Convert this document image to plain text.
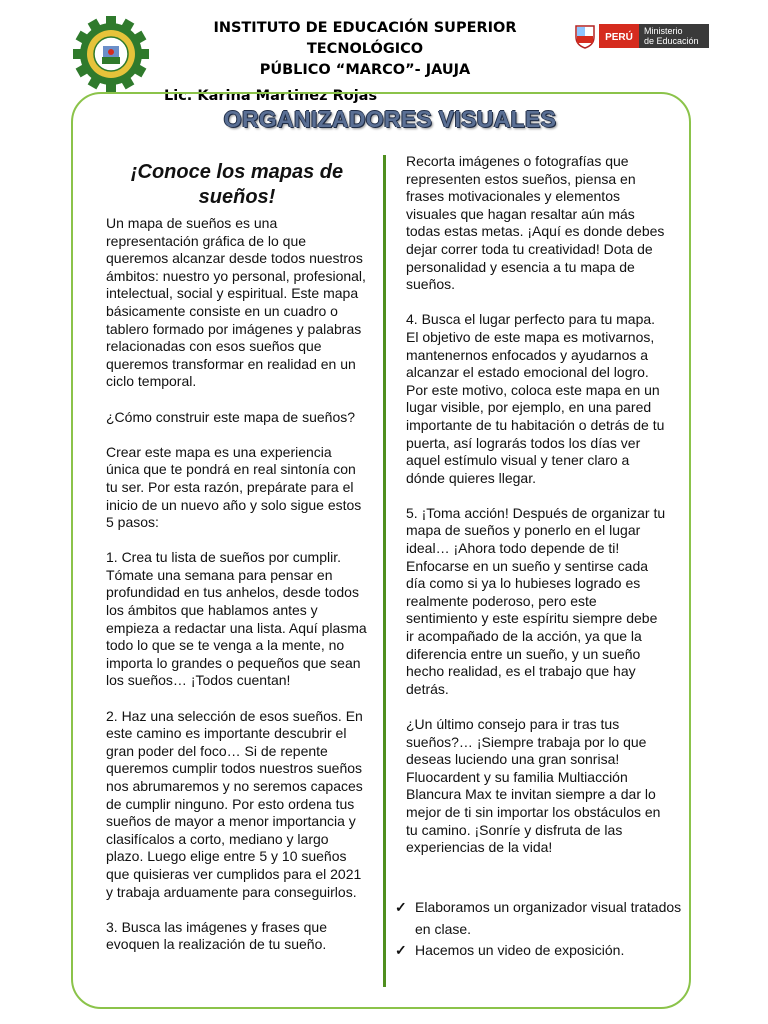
INSTITUTO DE EDUCACIÓN SUPERIOR TECNOLÓGICO
PÚBLICO “MARCO”- JAUJA
Lic. Karina Martinez Rojas
PERÚ
Ministerio
de Educación
ORGANIZADORES VISUALES
¡Conoce los mapas de sueños!

Un mapa de sueños es una representación gráfica de lo que queremos alcanzar desde todos nuestros ámbitos: nuestro yo personal, profesional, intelectual, social y espiritual. Este mapa básicamente consiste en un cuadro o tablero formado por imágenes y palabras relacionadas con esos sueños que queremos transformar en realidad en un ciclo temporal.

¿Cómo construir este mapa de sueños?

Crear este mapa es una experiencia única que te pondrá en real sintonía con tu ser. Por esta razón, prepárate para el inicio de un nuevo año y solo sigue estos 5 pasos:

1. Crea tu lista de sueños por cumplir. Tómate una semana para pensar en profundidad en tus anhelos, desde todos los ámbitos que hablamos antes y empieza a redactar una lista. Aquí plasma todo lo que se te venga a la mente, no importa lo grandes o pequeños que sean los sueños… ¡Todos cuentan!

2. Haz una selección de esos sueños. En este camino es importante descubrir el gran poder del foco… Si de repente queremos cumplir todos nuestros sueños nos abrumaremos y no seremos capaces de cumplir ninguno. Por esto ordena tus sueños de mayor a menor importancia y clasifícalos a corto, mediano y largo plazo. Luego elige entre 5 y 10 sueños que quisieras ver cumplidos para el 2021 y trabaja arduamente para conseguirlos.

3. Busca las imágenes y frases que evoquen la realización de tu sueño.

Recorta imágenes o fotografías que representen estos sueños, piensa en frases motivacionales y elementos visuales que hagan resaltar aún más todas estas metas. ¡Aquí es donde debes dejar correr toda tu creatividad! Dota de personalidad y esencia a tu mapa de sueños.

4. Busca el lugar perfecto para tu mapa. El objetivo de este mapa es motivarnos, mantenernos enfocados y ayudarnos a alcanzar el estado emocional del logro. Por este motivo, coloca este mapa en un lugar visible, por ejemplo, en una pared importante de tu habitación o detrás de tu puerta, así lograrás todos los días ver aquel estímulo visual y tener claro a dónde quieres llegar.

5. ¡Toma acción! Después de organizar tu mapa de sueños y ponerlo en el lugar ideal… ¡Ahora todo depende de ti! Enfocarse en un sueño y sentirse cada día como si ya lo hubieses logrado es realmente poderoso, pero este sentimiento y este espíritu siempre debe ir acompañado de la acción, ya que la diferencia entre un sueño, y un sueño hecho realidad, es el trabajo que hay detrás.

¿Un último consejo para ir tras tus sueños?… ¡Siempre trabaja por lo que deseas luciendo una gran sonrisa! Fluocardent y su familia Multiacción Blancura Max te invitan siempre a dar lo mejor de ti sin importar los obstáculos en tu camino. ¡Sonríe y disfruta de las experiencias de la vida!

✓ Elaboramos un organizador visual tratados en clase.
✓ Hacemos un video de exposición.
